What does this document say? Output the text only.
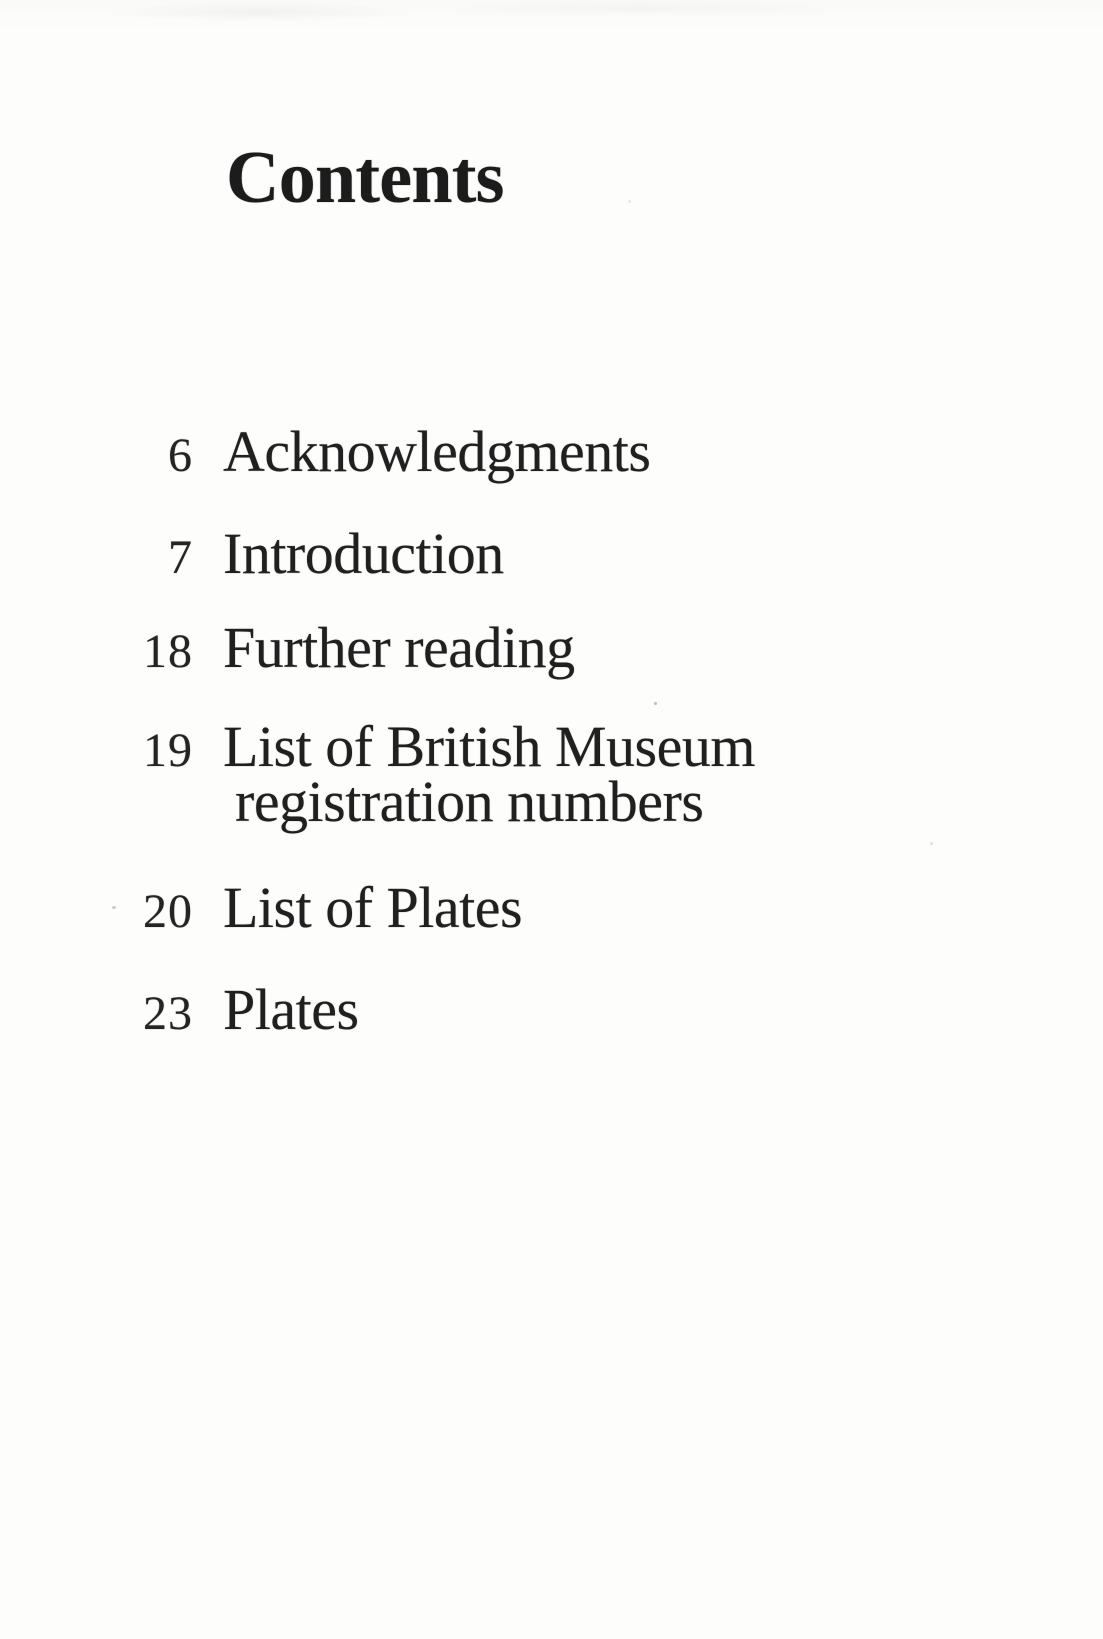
Contents
6 Acknowledgments
7 Introduction
18 Further reading
19 List of British Museum
registration numbers
20 List of Plates
23 Plates
